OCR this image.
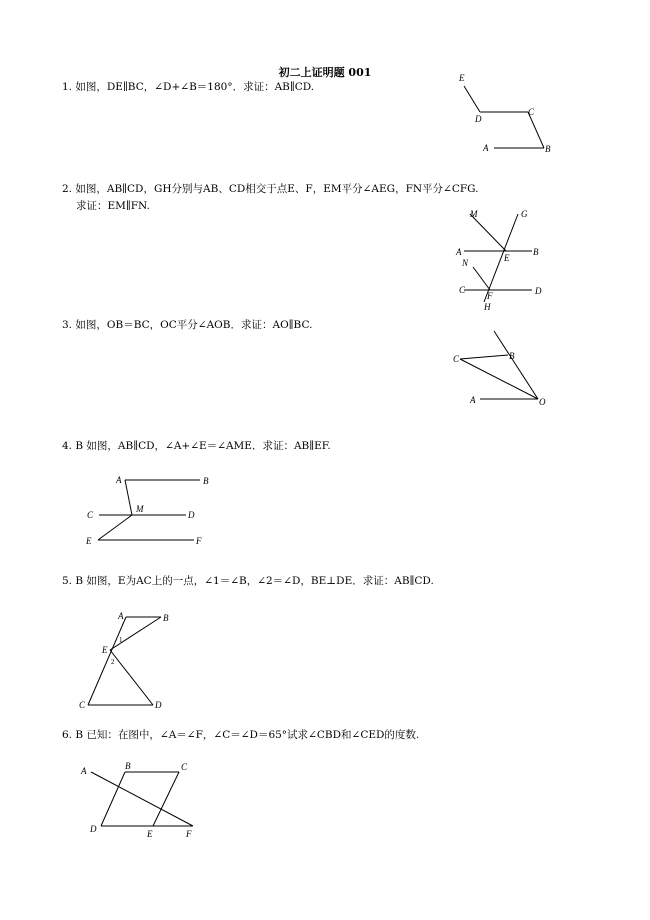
初二上证明题 001
1. 如图，DE∥BC，∠D+∠B＝180°．求证：AB∥CD.
E
D
C
A	B
2. 如图，AB∥CD，GH分别与AB、CD相交于点E、F，EM平分∠AEG，FN平分∠CFG.
求证：EM∥FN.
M	G
A
E
B
N
C
F	D
H
3. 如图，OB＝BC，OC平分∠AOB．求证：AO∥BC.
C	B
A	O
4. B 如图，AB∥CD，∠A+∠E＝∠AME．求证：AB∥EF.
A	B
M
C	D
E	F
5. B 如图，E为AC上的一点，∠1＝∠B，∠2＝∠D，BE⊥DE．求证：AB∥CD.
A	B
1
E
2
C	D
6. B 已知：在图中，∠A＝∠F，∠C＝∠D＝65°试求∠CBD和∠CED的度数.
A	B	C
D	E	F
